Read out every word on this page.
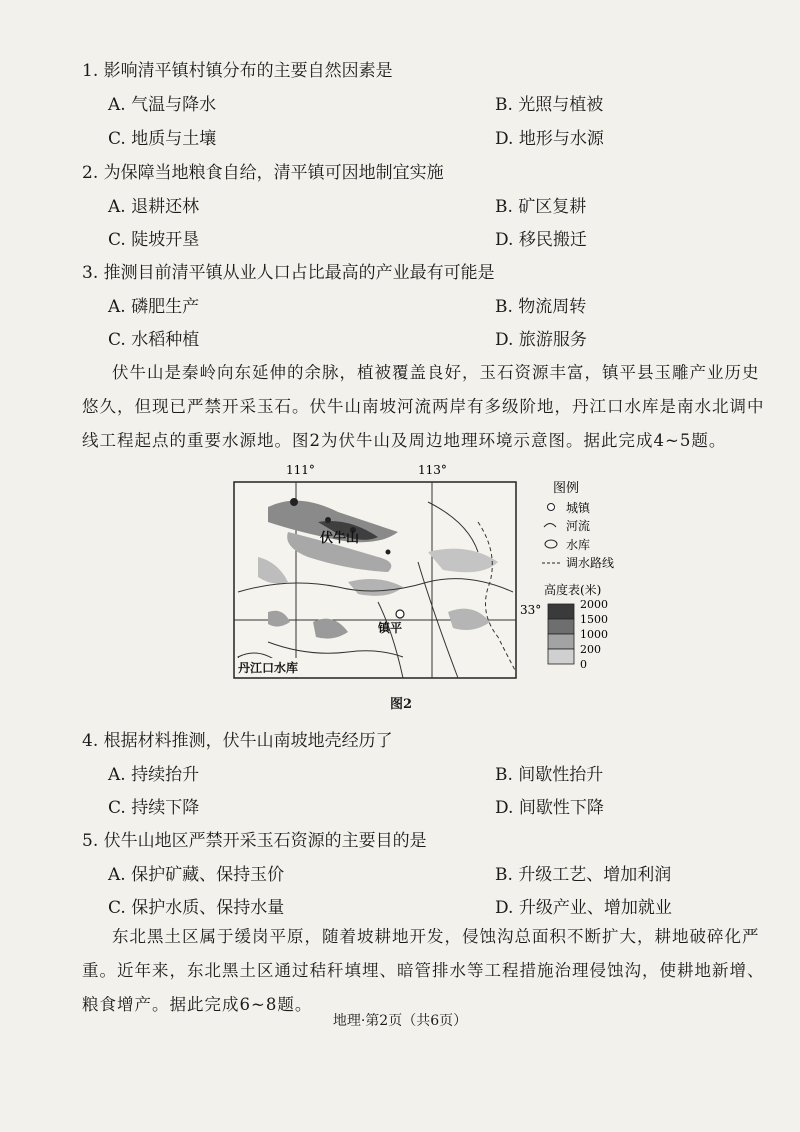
1. 影响清平镇村镇分布的主要自然因素是
A. 气温与降水	B. 光照与植被
C. 地质与土壤	D. 地形与水源
2. 为保障当地粮食自给，清平镇可因地制宜实施
A. 退耕还林	B. 矿区复耕
C. 陡坡开垦	D. 移民搬迁
3. 推测目前清平镇从业人口占比最高的产业最有可能是
A. 磷肥生产	B. 物流周转
C. 水稻种植	D. 旅游服务
伏牛山是秦岭向东延伸的余脉，植被覆盖良好，玉石资源丰富，镇平县玉雕产业历史悠久，但现已严禁开采玉石。伏牛山南坡河流两岸有多级阶地，丹江口水库是南水北调中线工程起点的重要水源地。图2为伏牛山及周边地理环境示意图。据此完成4~5题。
111°	113°
伏牛山
镇平
丹江口水库
33°
图例
城镇
河流
水库
调水路线
高度表(米)
2000
1500
1000
200
0
图2
4. 根据材料推测，伏牛山南坡地壳经历了
A. 持续抬升	B. 间歇性抬升
C. 持续下降	D. 间歇性下降
5. 伏牛山地区严禁开采玉石资源的主要目的是
A. 保护矿藏、保持玉价	B. 升级工艺、增加利润
C. 保护水质、保持水量	D. 升级产业、增加就业
东北黑土区属于缓岗平原，随着坡耕地开发，侵蚀沟总面积不断扩大，耕地破碎化严重。近年来，东北黑土区通过秸秆填埋、暗管排水等工程措施治理侵蚀沟，使耕地新增、粮食增产。据此完成6~8题。
地理·第2页（共6页）
